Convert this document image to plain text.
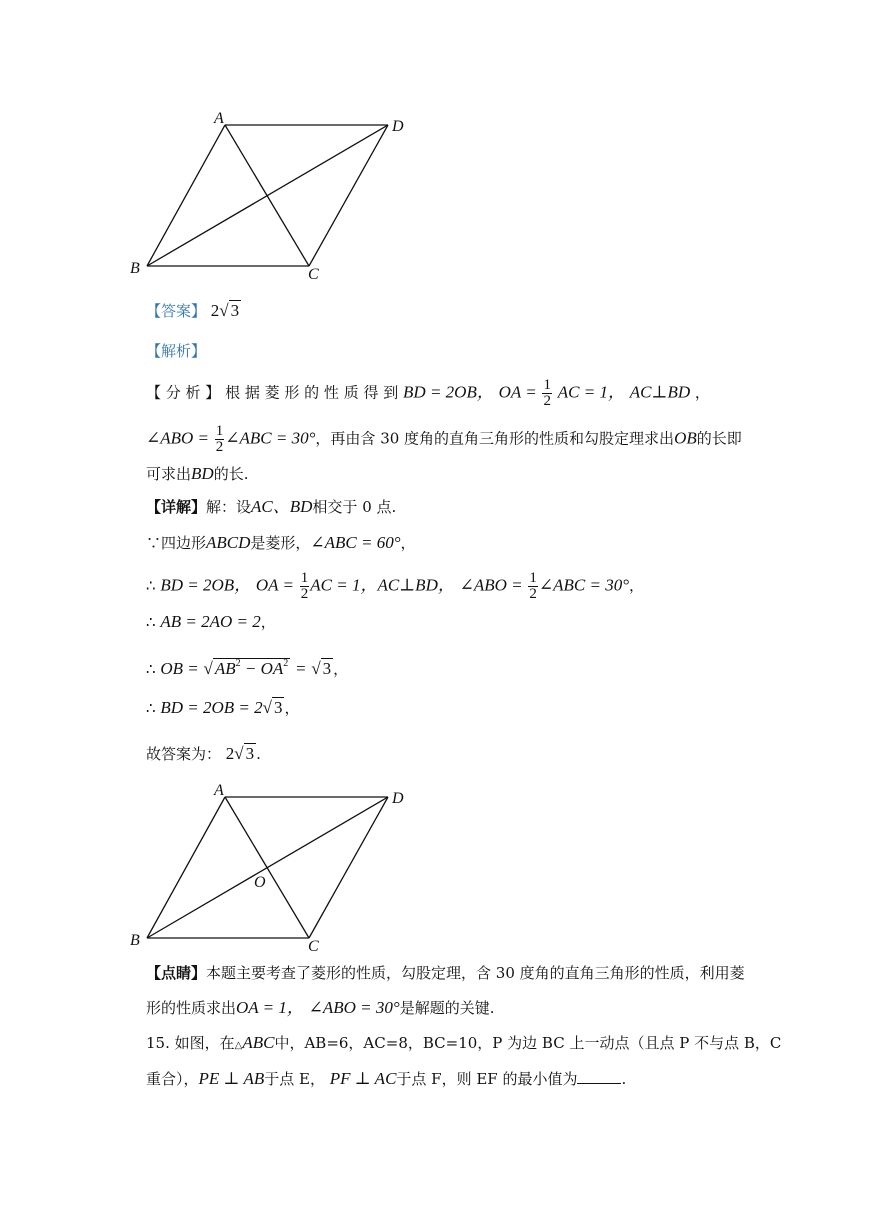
A	D
B	C
【答案】 2√ 3
【解析】
【 分 析 】 根 据 菱 形 的 性 质 得 到 BD = 2OB， OA = $\frac{1}{2}$ AC = 1， AC⊥BD ，
∠ABO = $\frac{1}{2}$ ∠ABC = 30°，再由含 30 度角的直角三角形的性质和勾股定理求出OB的长即
可求出BD的长.
【详解】解：设AC、BD相交于 0 点.
∵四边形ABCD是菱形，∠ABC = 60°，
∴ BD = 2OB， OA = $\frac{1}{2}$ AC = 1，AC⊥BD， ∠ABO = $\frac{1}{2}$ ∠ABC = 30°，
∴ AB = 2AO = 2，
∴ OB = √ $AB^2 - OA^2$ = √ 3 ，
∴ BD = 2OB = 2√ 3 ，
故答案为： 2√ 3 .
A	D
B	C
O
【点睛】本题主要考查了菱形的性质，勾股定理，含 30 度角的直角三角形的性质，利用菱
形的性质求出OA = 1， ∠ABO = 30°是解题的关键.
15. 如图，在△ABC中，AB=6，AC=8，BC=10，P 为边 BC 上一动点（且点 P 不与点 B，C
重合），PE ⊥ AB于点 E， PF ⊥ AC于点 F，则 EF 的最小值为	.
